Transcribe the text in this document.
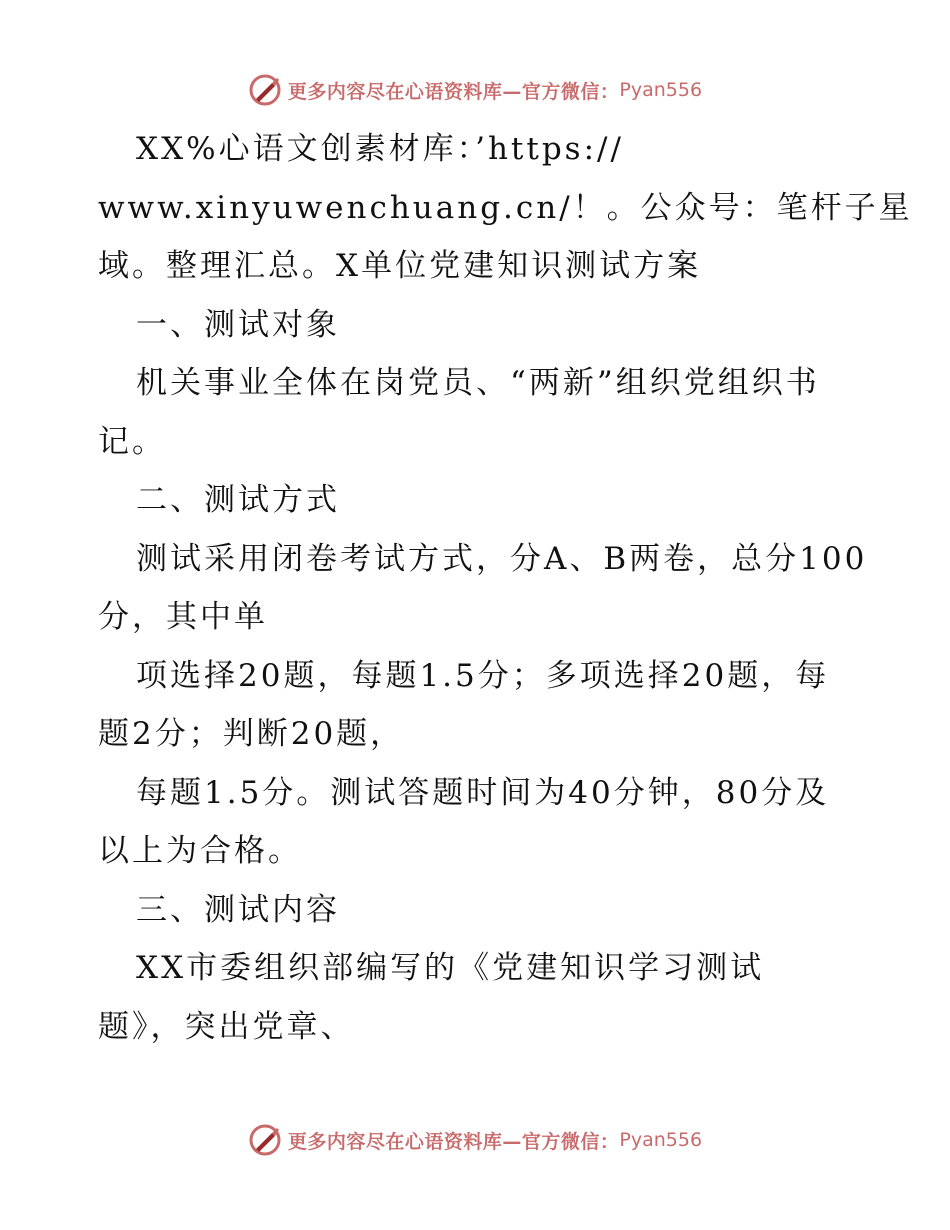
更多内容尽在心语资料库—官方微信： Pyan556

XX%心语文创素材库：’https://

www.xinyuwenchuang.cn/！。公众号：笔杆子星

域。整理汇总。X单位党建知识测试方案

一、测试对象

机关事业全体在岗党员、“两新”组织党组织书

记。

二、测试方式

测试采用闭卷考试方式，分A、B两卷，总分100

分，其中单

项选择20题，每题1.5分；多项选择20题，每

题2分；判断20题，

每题1.5分。测试答题时间为40分钟，80分及

以上为合格。

三、测试内容

XX市委组织部编写的《党建知识学习测试

题》，突出党章、

更多内容尽在心语资料库—官方微信： Pyan556
